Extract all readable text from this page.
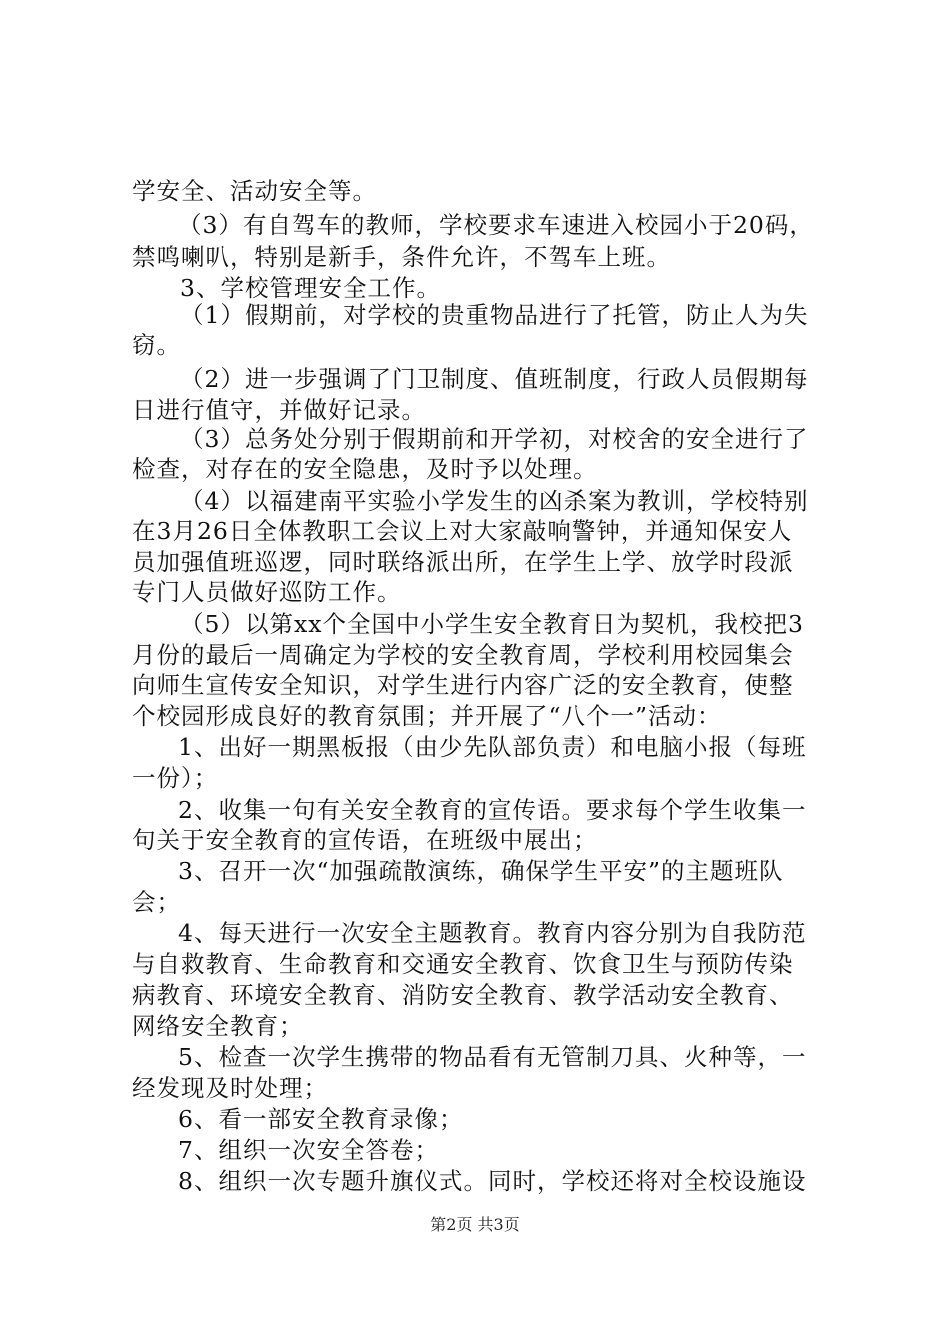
学安全、活动安全等。
（3）有自驾车的教师，学校要求车速进入校园小于20码，
禁鸣喇叭，特别是新手，条件允许，不驾车上班。
3、学校管理安全工作。
（1）假期前，对学校的贵重物品进行了托管，防止人为失
窃。
（2）进一步强调了门卫制度、值班制度，行政人员假期每
日进行值守，并做好记录。
（3）总务处分别于假期前和开学初，对校舍的安全进行了
检查，对存在的安全隐患，及时予以处理。
（4）以福建南平实验小学发生的凶杀案为教训，学校特别
在3月26日全体教职工会议上对大家敲响警钟，并通知保安人
员加强值班巡逻，同时联络派出所，在学生上学、放学时段派
专门人员做好巡防工作。
（5）以第xx个全国中小学生安全教育日为契机，我校把3
月份的最后一周确定为学校的安全教育周，学校利用校园集会
向师生宣传安全知识，对学生进行内容广泛的安全教育，使整
个校园形成良好的教育氛围；并开展了“八个一”活动：
1、出好一期黑板报（由少先队部负责）和电脑小报（每班
一份）；
2、收集一句有关安全教育的宣传语。要求每个学生收集一
句关于安全教育的宣传语，在班级中展出；
3、召开一次“加强疏散演练，确保学生平安”的主题班队
会；
4、每天进行一次安全主题教育。教育内容分别为自我防范
与自救教育、生命教育和交通安全教育、饮食卫生与预防传染
病教育、环境安全教育、消防安全教育、教学活动安全教育、
网络安全教育；
5、检查一次学生携带的物品看有无管制刀具、火种等，一
经发现及时处理；
6、看一部安全教育录像；
7、组织一次安全答卷；
8、组织一次专题升旗仪式。同时，学校还将对全校设施设
第2页 共3页
